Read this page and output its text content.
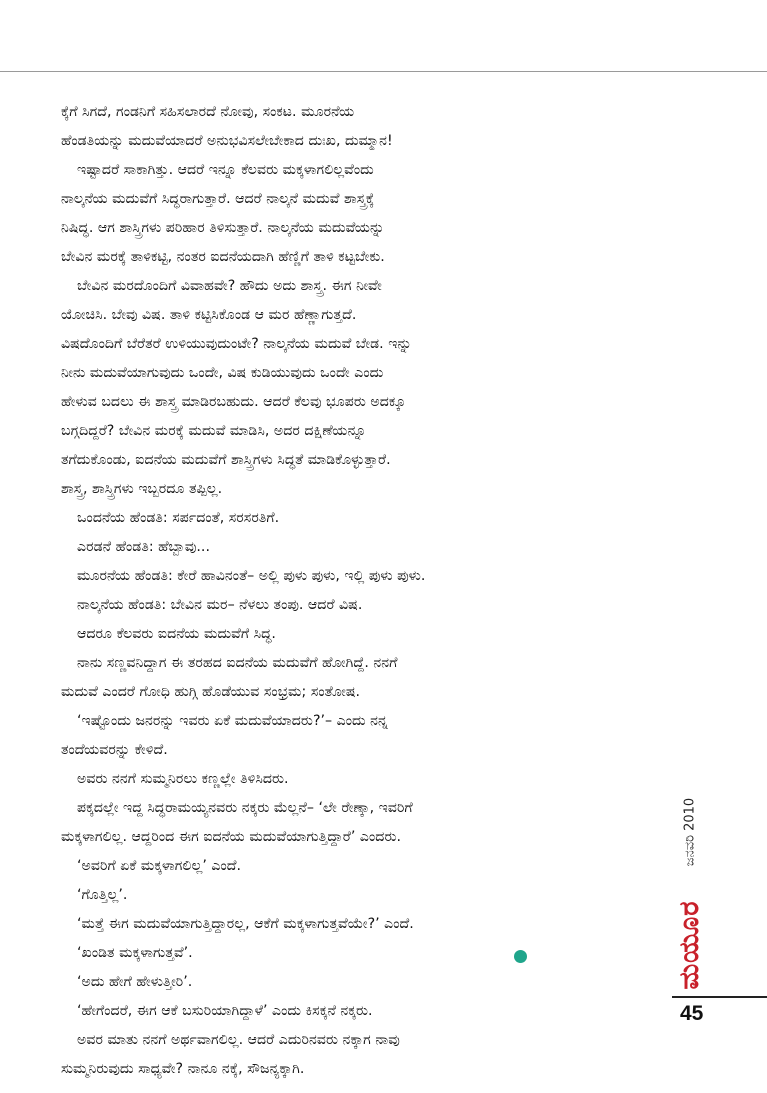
ಕ್ಕೆಗೆ ಸಿಗದೆ, ಗಂಡನಿಗೆ ಸಹಿಸಲಾರದೆ ನೋವು, ಸಂಕಟ. ಮೂರನೆಯ
ಹೆಂಡತಿಯನ್ನು ಮದುವೆಯಾದರೆ ಅನುಭವಿಸಲೇಬೇಕಾದ ದುಃಖ, ದುಮ್ಮಾನ!
ಇಷ್ಟಾದರೆ ಸಾಕಾಗಿತ್ತು. ಆದರೆ ಇನ್ನೂ ಕೆಲವರು ಮಕ್ಕಳಾಗಲಿಲ್ಲವೆಂದು
ನಾಲ್ಕನೆಯ ಮದುವೆಗೆ ಸಿದ್ಧರಾಗುತ್ತಾರೆ. ಆದರೆ ನಾಲ್ಕನೆ ಮದುವೆ ಶಾಸ್ತ್ರಕ್ಕೆ
ನಿಷಿದ್ಧ. ಆಗ ಶಾಸ್ತ್ರಿಗಳು ಪರಿಹಾರ ತಿಳಿಸುತ್ತಾರೆ. ನಾಲ್ಕನೆಯ ಮದುವೆಯನ್ನು
ಬೇವಿನ ಮರಕ್ಕೆ ತಾಳಿಕಟ್ಟಿ, ನಂತರ ಐದನೆಯದಾಗಿ ಹೆಣ್ಣಿಗೆ ತಾಳಿ ಕಟ್ಟಬೇಕು.
ಬೇವಿನ ಮರದೊಂದಿಗೆ ವಿವಾಹವೇ? ಹೌದು ಅದು ಶಾಸ್ತ್ರ. ಈಗ ನೀವೇ
ಯೋಚಿಸಿ. ಬೇವು ವಿಷ. ತಾಳಿ ಕಟ್ಟಿಸಿಕೊಂಡ ಆ ಮರ ಹೆಣ್ಣಾಗುತ್ತದೆ.
ವಿಷದೊಂದಿಗೆ ಬೆರೆತರೆ ಉಳಿಯುವುದುಂಟೇ? ನಾಲ್ಕನೆಯ ಮದುವೆ ಬೇಡ. ಇನ್ನು
ನೀನು ಮದುವೆಯಾಗುವುದು ಒಂದೇ, ವಿಷ ಕುಡಿಯುವುದು ಒಂದೇ ಎಂದು
ಹೇಳುವ ಬದಲು ಈ ಶಾಸ್ತ್ರ ಮಾಡಿರಬಹುದು. ಆದರೆ ಕೆಲವು ಭೂಪರು ಅದಕ್ಕೂ
ಬಗ್ಗದಿದ್ದರೆ? ಬೇವಿನ ಮರಕ್ಕೆ ಮದುವೆ ಮಾಡಿಸಿ, ಅದರ ದಕ್ಷಿಣೆಯನ್ನೂ
ತಗೆದುಕೊಂಡು, ಐದನೆಯ ಮದುವೆಗೆ ಶಾಸ್ತ್ರಿಗಳು ಸಿದ್ಧತೆ ಮಾಡಿಕೊಳ್ಳುತ್ತಾರೆ.
ಶಾಸ್ತ್ರ, ಶಾಸ್ತ್ರಿಗಳು ಇಬ್ಬರದೂ ತಪ್ಪಿಲ್ಲ.
ಒಂದನೆಯ ಹೆಂಡತಿ: ಸರ್ಪದಂತೆ, ಸರಸರತಿಗೆ.
ಎರಡನೆ ಹೆಂಡತಿ: ಹೆಬ್ಬಾವು...
ಮೂರನೆಯ ಹೆಂಡತಿ: ಕೇರೆ ಹಾವಿನಂತೆ– ಅಲ್ಲಿ ಪುಳು ಪುಳು, ಇಲ್ಲಿ ಪುಳು ಪುಳು.
ನಾಲ್ಕನೆಯ ಹೆಂಡತಿ: ಬೇವಿನ ಮರ– ನೆಳಲು ತಂಪು. ಆದರೆ ವಿಷ.
ಆದರೂ ಕೆಲವರು ಐದನೆಯ ಮದುವೆಗೆ ಸಿದ್ಧ.
ನಾನು ಸಣ್ಣವನಿದ್ದಾಗ ಈ ತರಹದ ಐದನೆಯ ಮದುವೆಗೆ ಹೋಗಿದ್ದೆ. ನನಗೆ
ಮದುವೆ ಎಂದರೆ ಗೋಧಿ ಹುಗ್ಗಿ ಹೊಡೆಯುವ ಸಂಭ್ರಮ; ಸಂತೋಷ.
‘ಇಷ್ಟೊಂದು ಜನರನ್ನು ಇವರು ಏಕೆ ಮದುವೆಯಾದರು?’– ಎಂದು ನನ್ನ
ತಂದೆಯವರನ್ನು ಕೇಳಿದೆ.
ಅವರು ನನಗೆ ಸುಮ್ಮನಿರಲು ಕಣ್ಣಲ್ಲೇ ತಿಳಿಸಿದರು.
ಪಕ್ಕದಲ್ಲೇ ಇದ್ದ ಸಿದ್ಧರಾಮಯ್ಯನವರು ನಕ್ಕರು ಮೆಲ್ಲನೆ– ‘ಲೇ ರೇಣ್ಕಾ, ಇವರಿಗೆ
ಮಕ್ಕಳಾಗಲಿಲ್ಲ. ಆದ್ದರಿಂದ ಈಗ ಐದನೆಯ ಮದುವೆಯಾಗುತ್ತಿದ್ದಾರೆ’ ಎಂದರು.
‘ಅವರಿಗೆ ಏಕೆ ಮಕ್ಕಳಾಗಲಿಲ್ಲ’ ಎಂದೆ.
‘ಗೊತ್ತಿಲ್ಲ’.
‘ಮತ್ತೆ ಈಗ ಮದುವೆಯಾಗುತ್ತಿದ್ದಾರಲ್ಲ, ಆಕೆಗೆ ಮಕ್ಕಳಾಗುತ್ತವೆಯೇ?’ ಎಂದೆ.
‘ಖಂಡಿತ ಮಕ್ಕಳಾಗುತ್ತವೆ’.
‘ಅದು ಹೇಗೆ ಹೇಳುತ್ತೀರಿ’.
‘ಹೇಗೆಂದರೆ, ಈಗ ಆಕೆ ಬಸುರಿಯಾಗಿದ್ದಾಳೆ’ ಎಂದು ಕಿಸಕ್ಕನೆ ನಕ್ಕರು.
ಅವರ ಮಾತು ನನಗೆ ಅರ್ಥವಾಗಲಿಲ್ಲ. ಆದರೆ ಎದುರಿನವರು ನಕ್ಕಾಗ ನಾವು
ಸುಮ್ಮನಿರುವುದು ಸಾಧ್ಯವೇ? ನಾನೂ ನಕ್ಕೆ, ಸೌಜನ್ಯಕ್ಕಾಗಿ.
ಜನವರಿ 2010
ಮಯೂರ
45
